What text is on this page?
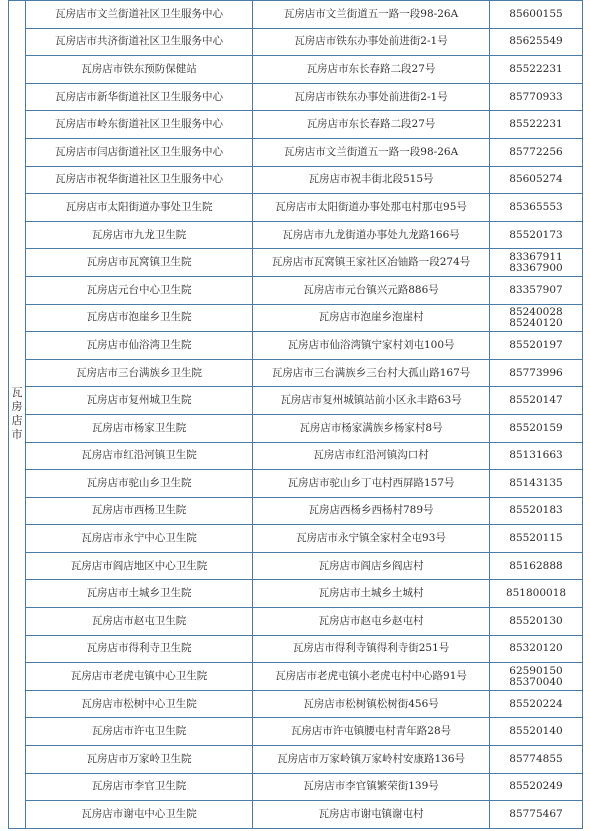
瓦房店市	瓦房店市文兰街道社区卫生服务中心	瓦房店市文兰街道五一路一段98-26A	85600155

	瓦房店市共济街道社区卫生服务中心	瓦房店市铁东办事处前进街2-1号	85625549

	瓦房店市铁东预防保健站	瓦房店市东长春路二段27号	85522231

	瓦房店市新华街道社区卫生服务中心	瓦房店市铁东办事处前进街2-1号	85770933

	瓦房店市岭东街道社区卫生服务中心	瓦房店市东长春路二段27号	85522231

	瓦房店市闫店街道社区卫生服务中心	瓦房店市文兰街道五一路一段98-26A	85772256

	瓦房店市祝华街道社区卫生服务中心	瓦房店市祝丰街北段515号	85605274

	瓦房店市太阳街道办事处卫生院	瓦房店市太阳街道办事处那屯村那屯95号	85365553

	瓦房店市九龙卫生院	瓦房店市九龙街道办事处九龙路166号	85520173

	瓦房店市瓦窝镇卫生院	瓦房店市瓦窝镇王家社区冶铀路一段274号	83367911
83367900

	瓦房店元台中心卫生院	瓦房店市元台镇兴元路886号	83357907

	瓦房店市泡崖乡卫生院	瓦房店市泡崖乡泡崖村	85240028
85240120

	瓦房店市仙浴湾卫生院	瓦房店市仙浴湾镇宁家村刘屯100号	85520197

	瓦房店市三台满族乡卫生院	瓦房店市三台满族乡三台村大孤山路167号	85773996

	瓦房店市复州城卫生院	瓦房店市复州城镇站前小区永丰路63号	85520147

	瓦房店市杨家卫生院	瓦房店市杨家满族乡杨家村8号	85520159

	瓦房店市红沿河镇卫生院	瓦房店市红沿河镇沟口村	85131663

	瓦房店市驼山乡卫生院	瓦房店市驼山乡丁屯村西屏路157号	85143135

	瓦房店市西杨卫生院	瓦房店西杨乡西杨村789号	85520183

	瓦房店市永宁中心卫生院	瓦房店市永宁镇全家村全屯93号	85520115

	瓦房店市阎店地区中心卫生院	瓦房店市阎店乡阎店村	85162888

	瓦房店市土城乡卫生院	瓦房店市土城乡土城村	851800018

	瓦房店市赵屯卫生院	瓦房店市赵屯乡赵屯村	85520130

	瓦房店市得利寺卫生院	瓦房店市得利寺镇得利寺街251号	85320120

	瓦房店市老虎屯镇中心卫生院	瓦房店市老虎屯镇小老虎屯村中心路91号	62590150
85370040

	瓦房店市松树中心卫生院	瓦房店市松树镇松树街456号	85520224

	瓦房店市许屯卫生院	瓦房店市许屯镇腰屯村青年路28号	85520140

	瓦房店市万家岭卫生院	瓦房店市万家岭镇万家岭村安康路136号	85774855

	瓦房店市李官卫生院	瓦房店市李官镇繁荣街139号	85520249

	瓦房店市谢屯中心卫生院	瓦房店市谢屯镇谢屯村	85775467
